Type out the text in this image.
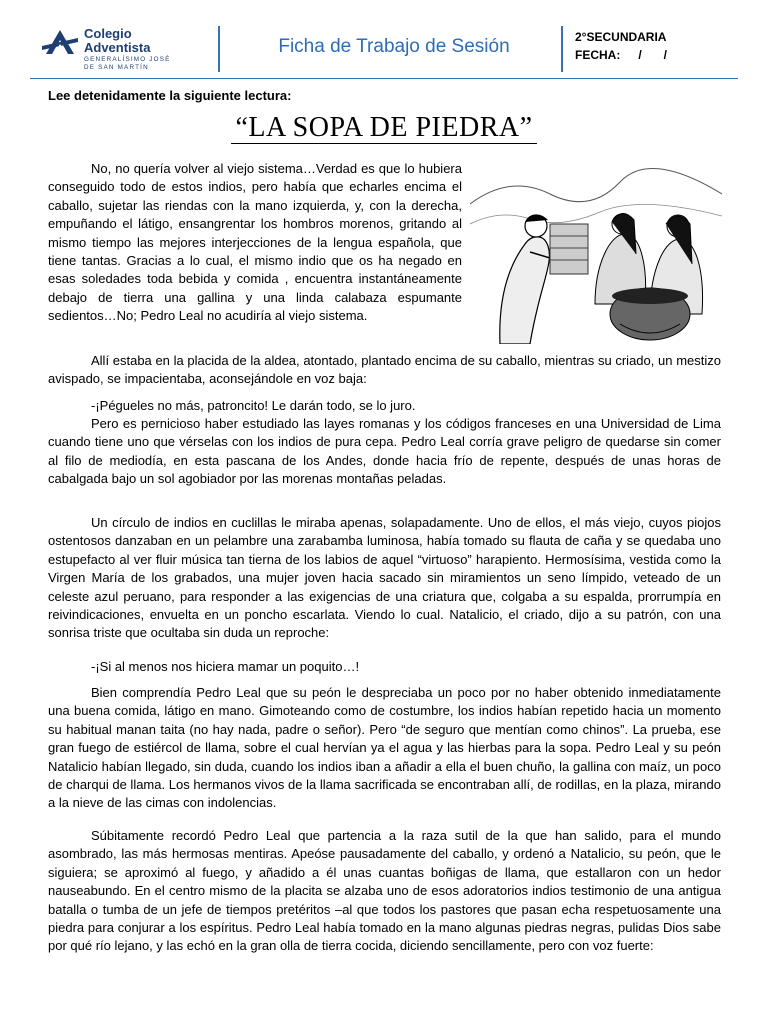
Colegio
Adventista
GENERALÍSIMO JOSÉ
DE SAN MARTÍN
Ficha de Trabajo de Sesión	2°SECUNDARIA
FECHA: / /
Lee detenidamente la siguiente lectura:
“LA SOPA DE PIEDRA”

No, no quería volver al viejo sistema…Verdad es que lo hubiera conseguido todo de estos indios, pero había que echarles encima el caballo, sujetar las riendas con la mano izquierda, y, con la derecha, empuñando el látigo, ensangrentar los hombros morenos, gritando al mismo tiempo las mejores interjecciones de la lengua española, que tiene tantas. Gracias a lo cual, el mismo indio que os ha negado en esas soledades toda bebida y comida , encuentra instantáneamente debajo de tierra una gallina y una linda calabaza espumante sedientos…No; Pedro Leal no acudiría al viejo sistema.

Allí estaba en la placida de la aldea, atontado, plantado encima de su caballo, mientras su criado, un mestizo avispado, se impacientaba, aconsejándole en voz baja:

-¡Pégueles no más, patroncito! Le darán todo, se lo juro.

Pero es pernicioso haber estudiado las layes romanas y los códigos franceses en una Universidad de Lima cuando tiene uno que vérselas con los indios de pura cepa. Pedro Leal corría grave peligro de quedarse sin comer al filo de mediodía, en esta pascana de los Andes, donde hacia frío de repente, después de unas horas de cabalgada bajo un sol agobiador por las morenas montañas peladas.

Un círculo de indios en cuclillas le miraba apenas, solapadamente. Uno de ellos, el más viejo, cuyos piojos ostentosos danzaban en un pelambre una zarabamba luminosa, había tomado su flauta de caña y se quedaba uno estupefacto al ver fluir música tan tierna de los labios de aquel “virtuoso” harapiento. Hermosísima, vestida como la Virgen María de los grabados, una mujer joven hacia sacado sin miramientos un seno límpido, veteado de un celeste azul peruano, para responder a las exigencias de una criatura que, colgaba a su espalda, prorrumpía en reivindicaciones, envuelta en un poncho escarlata. Viendo lo cual. Natalicio, el criado, dijo a su patrón, con una sonrisa triste que ocultaba sin duda un reproche:

-¡Si al menos nos hiciera mamar un poquito…!

Bien comprendía Pedro Leal que su peón le despreciaba un poco por no haber obtenido inmediatamente una buena comida, látigo en mano. Gimoteando como de costumbre, los indios habían repetido hacia un momento su habitual manan taita (no hay nada, padre o señor). Pero “de seguro que mentían como chinos”. La prueba, ese gran fuego de estiércol de llama, sobre el cual hervían ya el agua y las hierbas para la sopa. Pedro Leal y su peón Natalicio habían llegado, sin duda, cuando los indios iban a añadir a ella el buen chuño, la gallina con maíz, un poco de charqui de llama. Los hermanos vivos de la llama sacrificada se encontraban allí, de rodillas, en la plaza, mirando a la nieve de las cimas con indolencias.

Súbitamente recordó Pedro Leal que partencia a la raza sutil de la que han salido, para el mundo asombrado, las más hermosas mentiras. Apeóse pausadamente del caballo, y ordenó a Natalicio, su peón, que le siguiera; se aproximó al fuego, y añadido a él unas cuantas boñigas de llama, que estallaron con un hedor nauseabundo. En el centro mismo de la placita se alzaba uno de esos adoratorios indios testimonio de una antigua batalla o tumba de un jefe de tiempos pretéritos –al que todos los pastores que pasan echa respetuosamente una piedra para conjurar a los espíritus. Pedro Leal había tomado en la mano algunas piedras negras, pulidas Dios sabe por qué río lejano, y las echó en la gran olla de tierra cocida, diciendo sencillamente, pero con voz fuerte:
